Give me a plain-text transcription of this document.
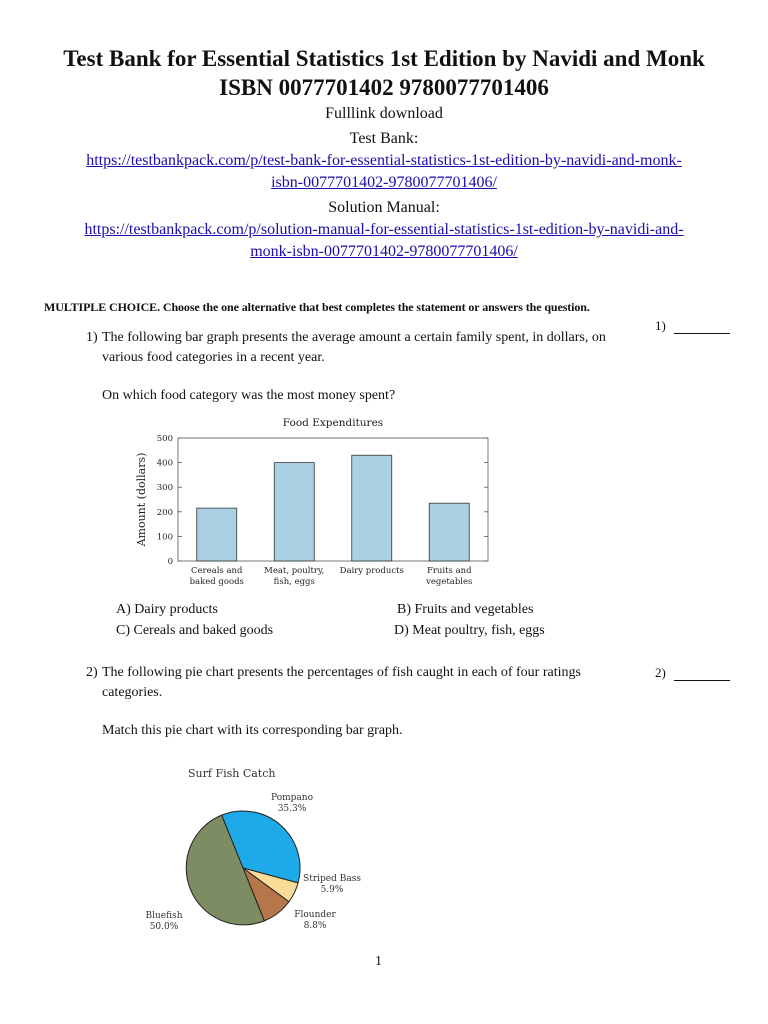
Test Bank for Essential Statistics 1st Edition by Navidi and Monk
ISBN 0077701402 9780077701406
Fulllink download
Test Bank:
https://testbankpack.com/p/test-bank-for-essential-statistics-1st-edition-by-navidi-and-monk-
isbn-0077701402-9780077701406/
Solution Manual:
https://testbankpack.com/p/solution-manual-for-essential-statistics-1st-edition-by-navidi-and-
monk-isbn-0077701402-9780077701406/
MULTIPLE CHOICE. Choose the one alternative that best completes the statement or answers the question.
1)
1) The following bar graph presents the average amount a certain family spent, in dollars, on
various food categories in a recent year.
On which food category was the most money spent?
Food Expenditures
Amount (dollars)
0
100
200
300
400
500
Cereals and
baked goods
Meat, poultry,
fish, eggs
Dairy products	Fruits and
vegetables
A) Dairy products	B) Fruits and vegetables
C) Cereals and baked goods	D) Meat poultry, fish, eggs
2)
2) The following pie chart presents the percentages of fish caught in each of four ratings
categories.
Match this pie chart with its corresponding bar graph.
Surf Fish Catch
Pompano
35.3%
Striped Bass
5.9%
Flounder
8.8%
Bluefish
50.0%
1
